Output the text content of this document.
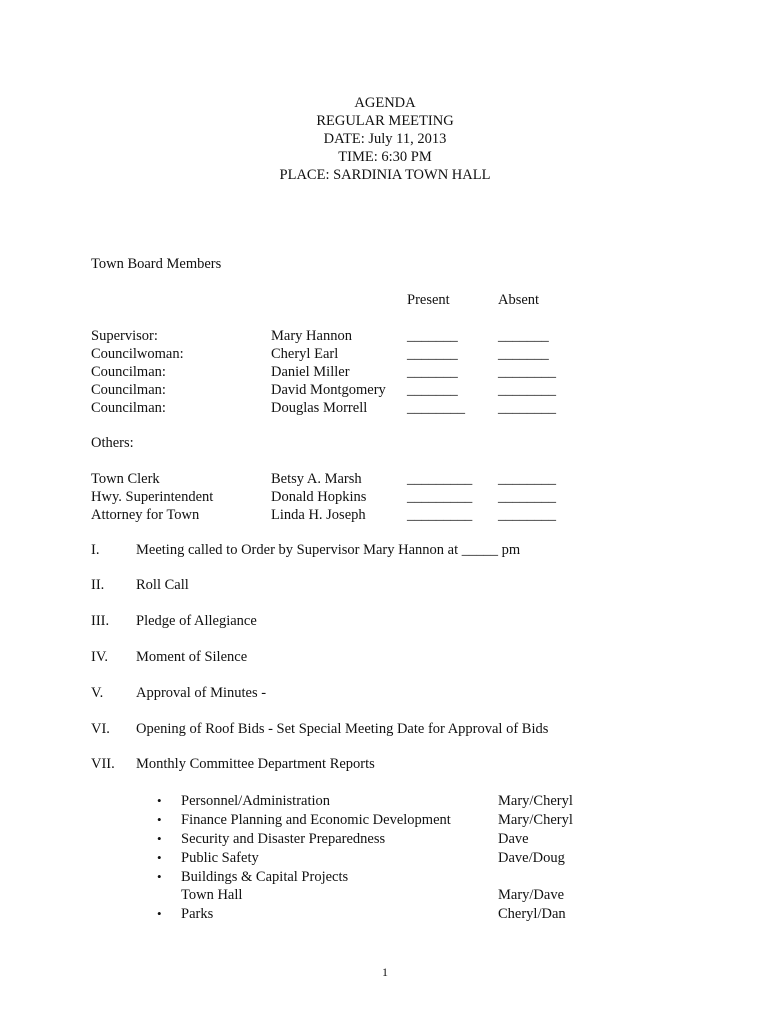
AGENDA
REGULAR MEETING
DATE: July 11, 2013
TIME: 6:30 PM
PLACE: SARDINIA TOWN HALL
Town Board Members
Present	Absent
Supervisor:	Mary Hannon	_______	_______
Councilwoman:	Cheryl Earl	_______	_______
Councilman:	Daniel Miller	_______	________
Councilman:	David Montgomery _______	________
Councilman:	Douglas Morrell	________ ________
Others:
Town Clerk	Betsy A. Marsh	_________ ________
Hwy. Superintendent	Donald Hopkins	_________ ________
Attorney for Town	Linda H. Joseph	_________ ________
I.	Meeting called to Order by Supervisor Mary Hannon at _____ pm
II. Roll Call
III. Pledge of Allegiance
IV. Moment of Silence
V. Approval of Minutes -
VI. Opening of Roof Bids - Set Special Meeting Date for Approval of Bids
VII. Monthly Committee Department Reports
• Personnel/Administration	Mary/Cheryl
• Finance Planning and Economic Development	Mary/Cheryl
• Security and Disaster Preparedness	Dave
• Public Safety	Dave/Doug
• Buildings & Capital Projects
Town Hall	Mary/Dave
• Parks	Cheryl/Dan
1
